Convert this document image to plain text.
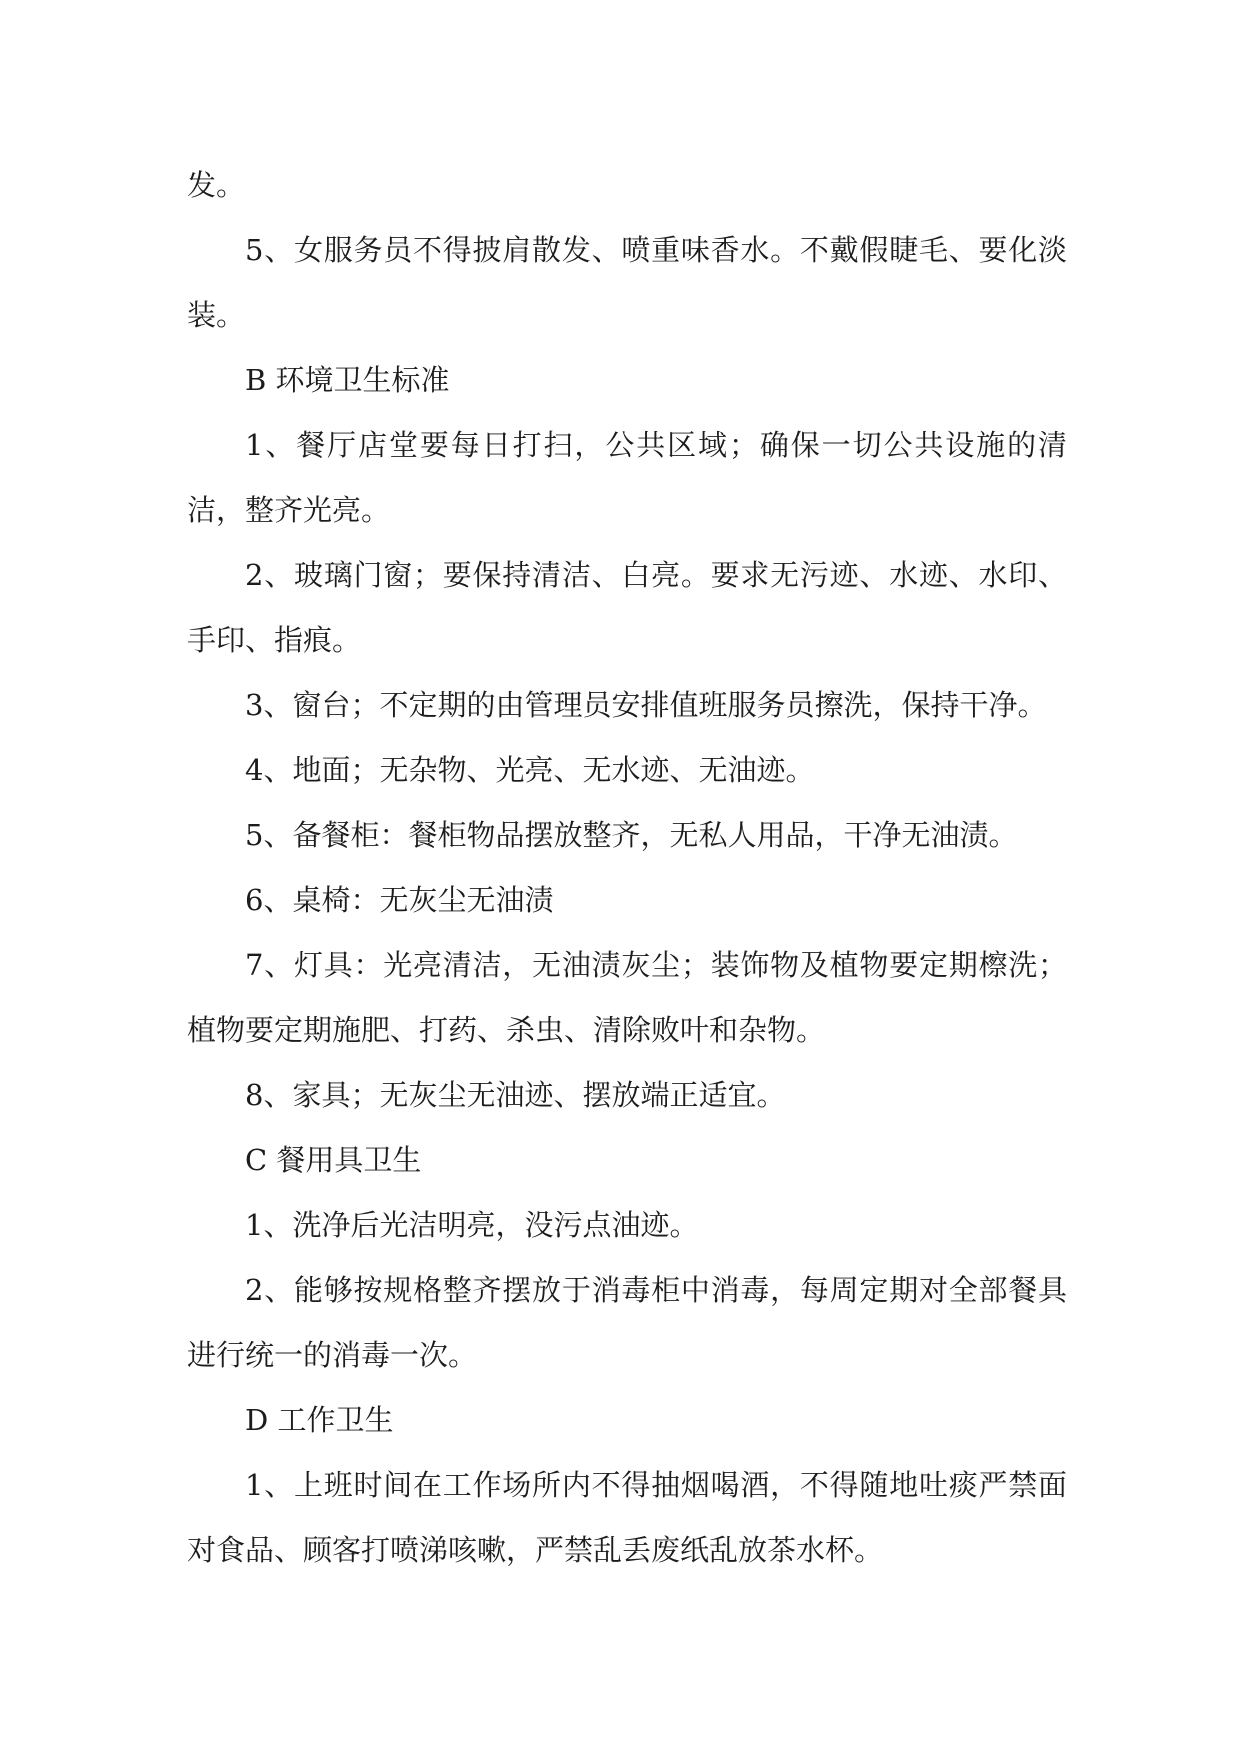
发。

5、女服务员不得披肩散发、喷重味香水。不戴假睫毛、要化淡装。

B 环境卫生标准

1、餐厅店堂要每日打扫，公共区域；确保一切公共设施的清洁，整齐光亮。

2、玻璃门窗；要保持清洁、白亮。要求无污迹、水迹、水印、手印、指痕。

3、窗台；不定期的由管理员安排值班服务员擦洗，保持干净。

4、地面；无杂物、光亮、无水迹、无油迹。

5、备餐柜：餐柜物品摆放整齐，无私人用品，干净无油渍。

6、桌椅：无灰尘无油渍

7、灯具：光亮清洁，无油渍灰尘；装饰物及植物要定期檫洗；植物要定期施肥、打药、杀虫、清除败叶和杂物。

8、家具；无灰尘无油迹、摆放端正适宜。

C 餐用具卫生

1、洗净后光洁明亮，没污点油迹。

2、能够按规格整齐摆放于消毒柜中消毒，每周定期对全部餐具进行统一的消毒一次。

D 工作卫生

1、上班时间在工作场所内不得抽烟喝酒，不得随地吐痰严禁面对食品、顾客打喷涕咳嗽，严禁乱丢废纸乱放茶水杯。
